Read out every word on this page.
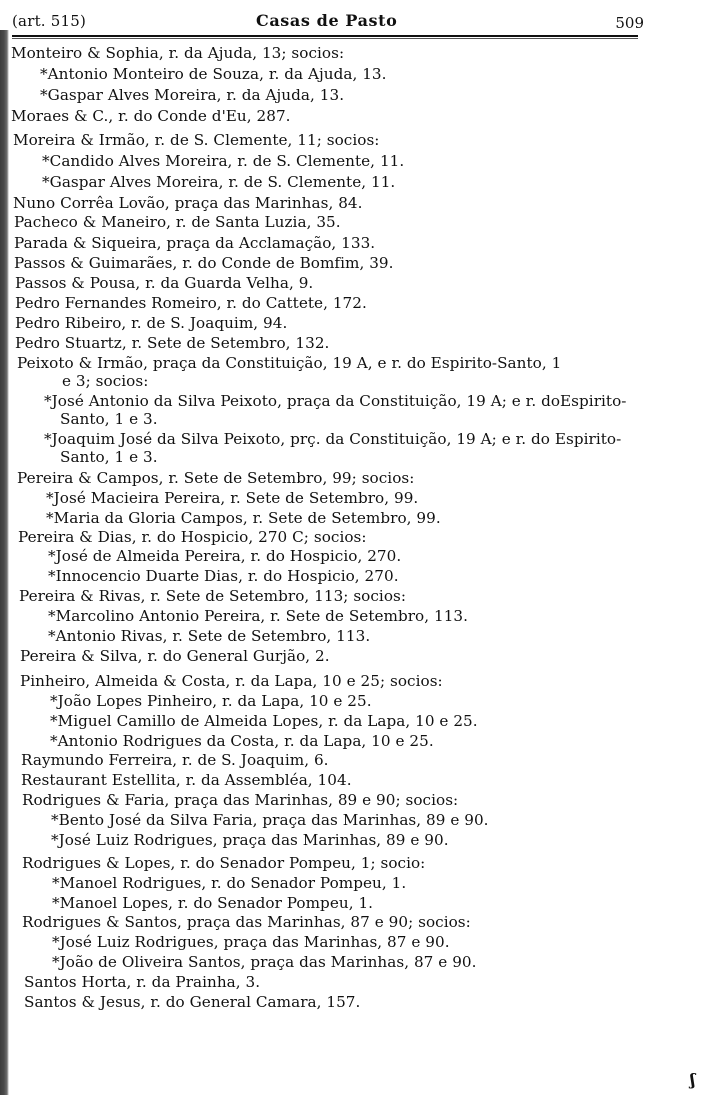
(art. 515)	Casas de Pasto	509
Monteiro & Sophia, r. da Ajuda, 13; socios:
*Antonio Monteiro de Souza, r. da Ajuda, 13.
*Gaspar Alves Moreira, r. da Ajuda, 13.
Moraes & C., r. do Conde d'Eu, 287.
Moreira & Irmão, r. de S. Clemente, 11; socios:
*Candido Alves Moreira, r. de S. Clemente, 11.
*Gaspar Alves Moreira, r. de S. Clemente, 11.
Nuno Corrêa Lovão, praça das Marinhas, 84.
Pacheco & Maneiro, r. de Santa Luzia, 35.
Parada & Siqueira, praça da Acclamação, 133.
Passos & Guimarães, r. do Conde de Bomfim, 39.
Passos & Pousa, r. da Guarda Velha, 9.
Pedro Fernandes Romeiro, r. do Cattete, 172.
Pedro Ribeiro, r. de S. Joaquim, 94.
Pedro Stuartz, r. Sete de Setembro, 132.
Peixoto & Irmão, praça da Constituição, 19 A, e r. do Espirito-Santo, 1
e 3; socios:
*José Antonio da Silva Peixoto, praça da Constituição, 19 A; e r. doEspirito-
Santo, 1 e 3.
*Joaquim José da Silva Peixoto, prç. da Constituição, 19 A; e r. do Espirito-
Santo, 1 e 3.
Pereira & Campos, r. Sete de Setembro, 99; socios:
*José Macieira Pereira, r. Sete de Setembro, 99.
*Maria da Gloria Campos, r. Sete de Setembro, 99.
Pereira & Dias, r. do Hospicio, 270 C; socios:
*José de Almeida Pereira, r. do Hospicio, 270.
*Innocencio Duarte Dias, r. do Hospicio, 270.
Pereira & Rivas, r. Sete de Setembro, 113; socios:
*Marcolino Antonio Pereira, r. Sete de Setembro, 113.
*Antonio Rivas, r. Sete de Setembro, 113.
Pereira & Silva, r. do General Gurjão, 2.
Pinheiro, Almeida & Costa, r. da Lapa, 10 e 25; socios:
*João Lopes Pinheiro, r. da Lapa, 10 e 25.
*Miguel Camillo de Almeida Lopes, r. da Lapa, 10 e 25.
*Antonio Rodrigues da Costa, r. da Lapa, 10 e 25.
Raymundo Ferreira, r. de S. Joaquim, 6.
Restaurant Estellita, r. da Assembléa, 104.
Rodrigues & Faria, praça das Marinhas, 89 e 90; socios:
*Bento José da Silva Faria, praça das Marinhas, 89 e 90.
*José Luiz Rodrigues, praça das Marinhas, 89 e 90.
Rodrigues & Lopes, r. do Senador Pompeu, 1; socio:
*Manoel Rodrigues, r. do Senador Pompeu, 1.
*Manoel Lopes, r. do Senador Pompeu, 1.
Rodrigues & Santos, praça das Marinhas, 87 e 90; socios:
*José Luiz Rodrigues, praça das Marinhas, 87 e 90.
*João de Oliveira Santos, praça das Marinhas, 87 e 90.
Santos Horta, r. da Prainha, 3.
Santos & Jesus, r. do General Camara, 157.
ʃ
